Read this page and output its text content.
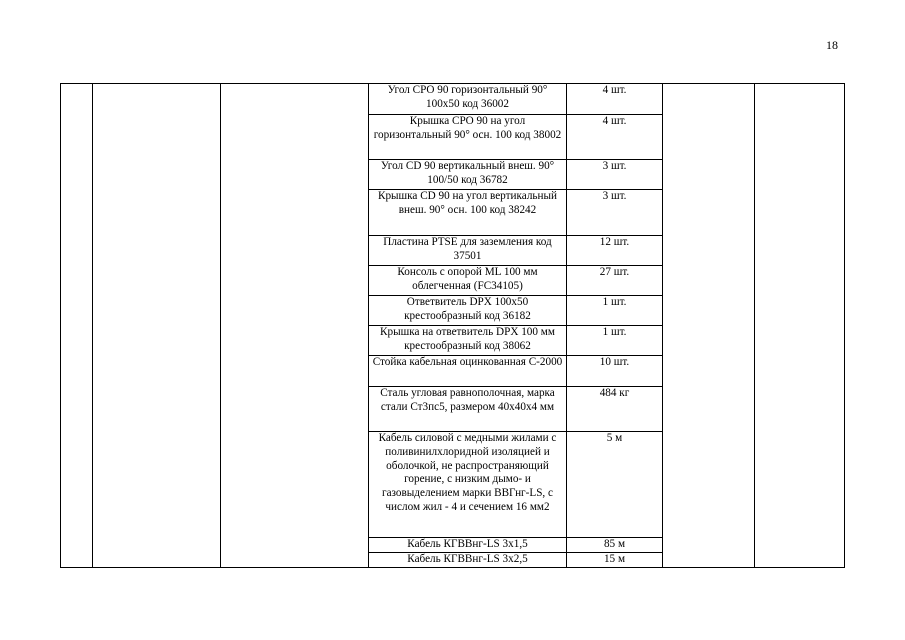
18
			Угол CPO 90 горизонтальный 90° 100x50 код 36002	4 шт.		
			Крышка CPO 90 на угол горизонтальный 90° осн. 100 код 38002	4 шт.		
			Угол CD 90 вертикальный внеш. 90° 100/50 код 36782	3 шт.		
			Крышка CD 90 на угол вертикальный внеш. 90° осн. 100 код 38242	3 шт.		
			Пластина PTSE для заземления код 37501	12 шт.		
			Консоль с опорой ML 100 мм облегченная (FC34105)	27 шт.		
			Ответвитель DPX 100x50 крестообразный код 36182	1 шт.		
			Крышка на ответвитель DPX 100 мм крестообразный код 38062	1 шт.		
			Стойка кабельная оцинкованная С-2000	10 шт.		
			Сталь угловая равнополочная, марка стали Ст3пс5, размером 40х40х4 мм	484 кг		
			Кабель силовой с медными жилами с поливинилхлоридной изоляцией и оболочкой, не распространяющий горение, с низким дымо- и газовыделением марки ВВГнг-LS, с числом жил - 4 и сечением 16 мм2	5 м		
			Кабель КГВВнг-LS 3х1,5	85 м		
			Кабель КГВВнг-LS 3х2,5	15 м		
